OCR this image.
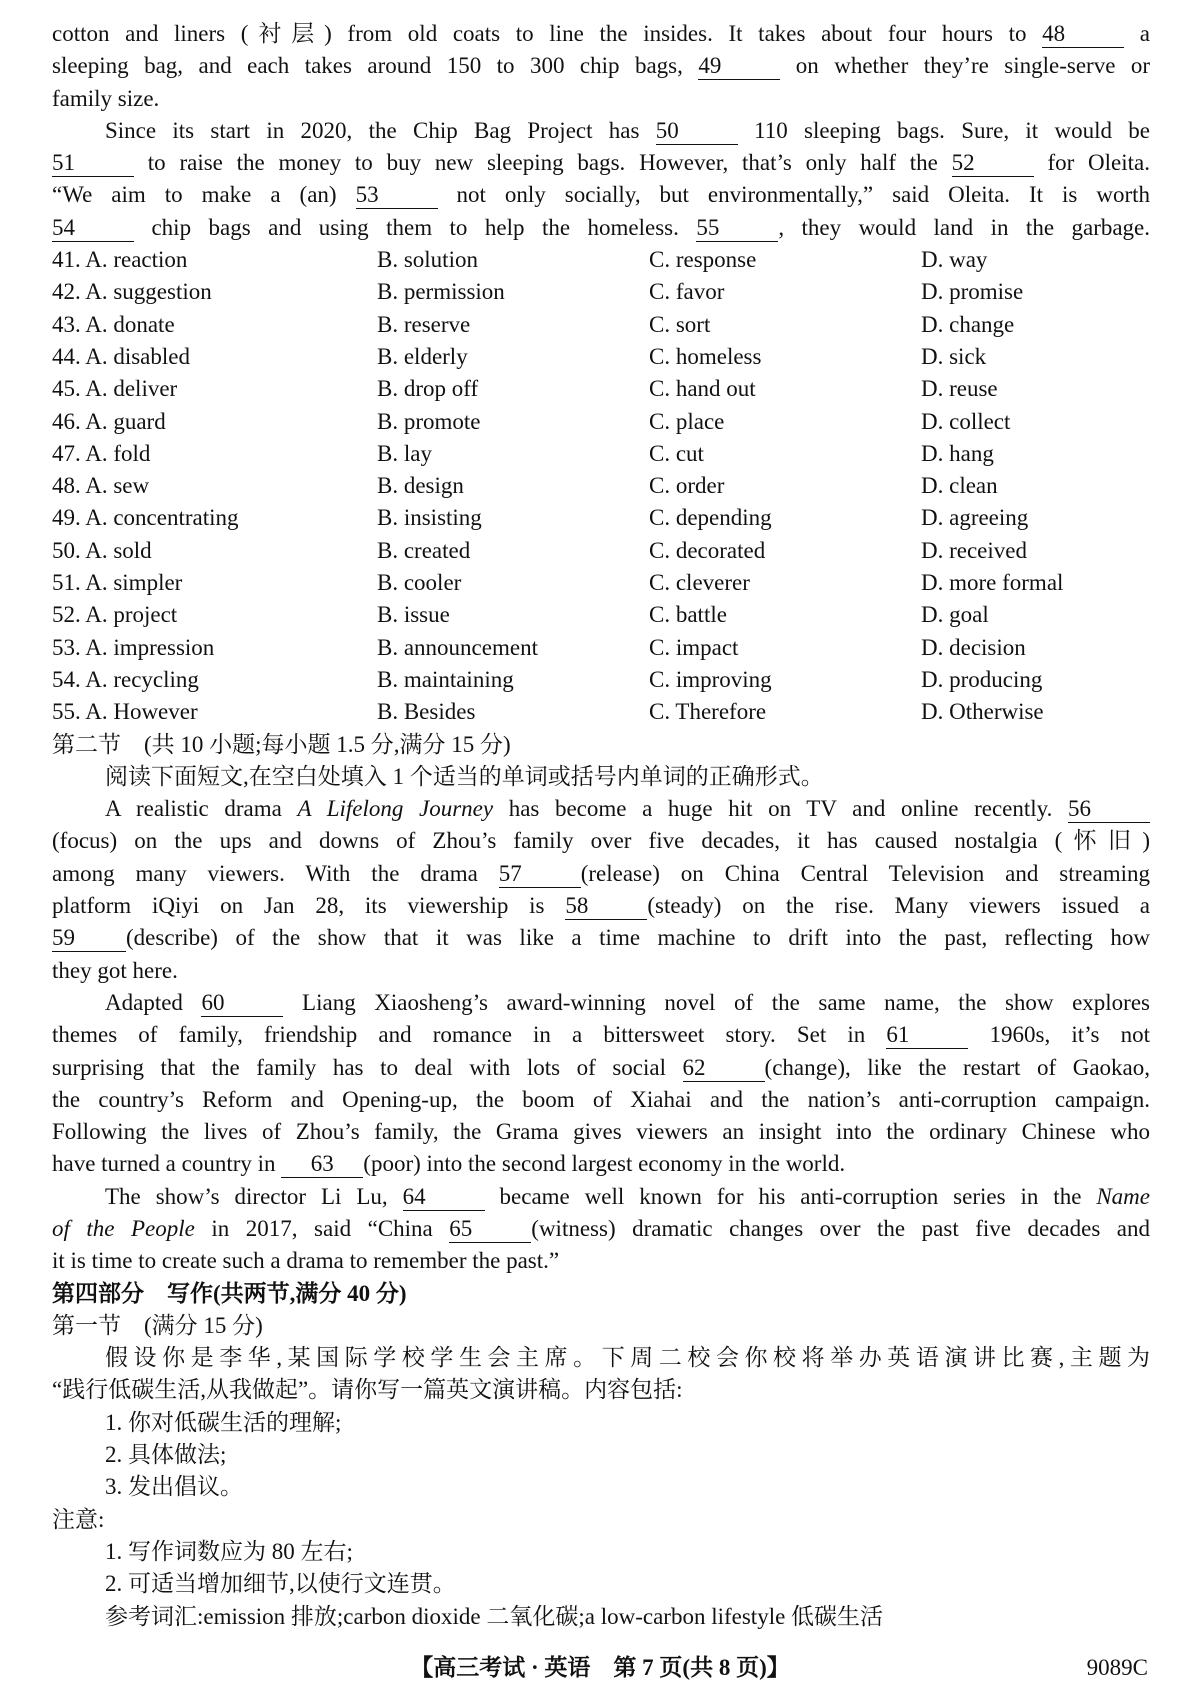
cotton and liners (衬层) from old coats to line the insides. It takes about four hours to 48	a
sleeping bag, and each takes around 150 to 300 chip bags, 49	on whether they’re single-serve or
family size.
Since its start in 2020, the Chip Bag Project has 50	110 sleeping bags. Sure, it would be
51	to raise the money to buy new sleeping bags. However, that’s only half the 52	for Oleita.
“We aim to make a (an) 53	not only socially, but environmentally,” said Oleita. It is worth
54	chip bags and using them to help the homeless. 55	, they would land in the garbage.
41. A. reaction	B. solution	C. response	D. way
42. A. suggestion	B. permission	C. favor	D. promise
43. A. donate	B. reserve	C. sort	D. change
44. A. disabled	B. elderly	C. homeless	D. sick
45. A. deliver	B. drop off	C. hand out	D. reuse
46. A. guard	B. promote	C. place	D. collect
47. A. fold	B. lay	C. cut	D. hang
48. A. sew	B. design	C. order	D. clean
49. A. concentrating	B. insisting	C. depending	D. agreeing
50. A. sold	B. created	C. decorated	D. received
51. A. simpler	B. cooler	C. cleverer	D. more formal
52. A. project	B. issue	C. battle	D. goal
53. A. impression	B. announcement	C. impact	D. decision
54. A. recycling	B. maintaining	C. improving	D. producing
55. A. However	B. Besides	C. Therefore	D. Otherwise
第二节　(共 10 小题;每小题 1.5 分,满分 15 分)
阅读下面短文,在空白处填入 1 个适当的单词或括号内单词的正确形式。
A realistic drama A Lifelong Journey has become a huge hit on TV and online recently. 56
(focus) on the ups and downs of Zhou’s family over five decades, it has caused nostalgia (怀旧)
among many viewers. With the drama 57	(release) on China Central Television and streaming
platform iQiyi on Jan 28, its viewership is 58	(steady) on the rise. Many viewers issued a
59 (describe) of the show that it was like a time machine to drift into the past, reflecting how
they got here.
Adapted 60	Liang Xiaosheng’s award-winning novel of the same name, the show explores
themes of family, friendship and romance in a bittersweet story. Set in 61	1960s, it’s not
surprising that the family has to deal with lots of social 62	(change), like the restart of Gaokao,
the country’s Reform and Opening-up, the boom of Xiahai and the nation’s anti-corruption campaign.
Following the lives of Zhou’s family, the Grama gives viewers an insight into the ordinary Chinese who
have turned a country in 63 (poor) into the second largest economy in the world.
The show’s director Li Lu, 64	became well known for his anti-corruption series in the Name
of the People in 2017, said “China 65	(witness) dramatic changes over the past five decades and
it is time to create such a drama to remember the past.”
第四部分　写作(共两节,满分 40 分)
第一节　(满分 15 分)
假设你是李华,某国际学校学生会主席。下周二校会你校将举办英语演讲比赛,主题为
“践行低碳生活,从我做起”。请你写一篇英文演讲稿。内容包括:
1. 你对低碳生活的理解;
2. 具体做法;
3. 发出倡议。
注意:
1. 写作词数应为 80 左右;
2. 可适当增加细节,以使行文连贯。
参考词汇:emission 排放;carbon dioxide 二氧化碳;a low-carbon lifestyle 低碳生活
【高三考试 · 英语　第 7 页(共 8 页)】	9089C
